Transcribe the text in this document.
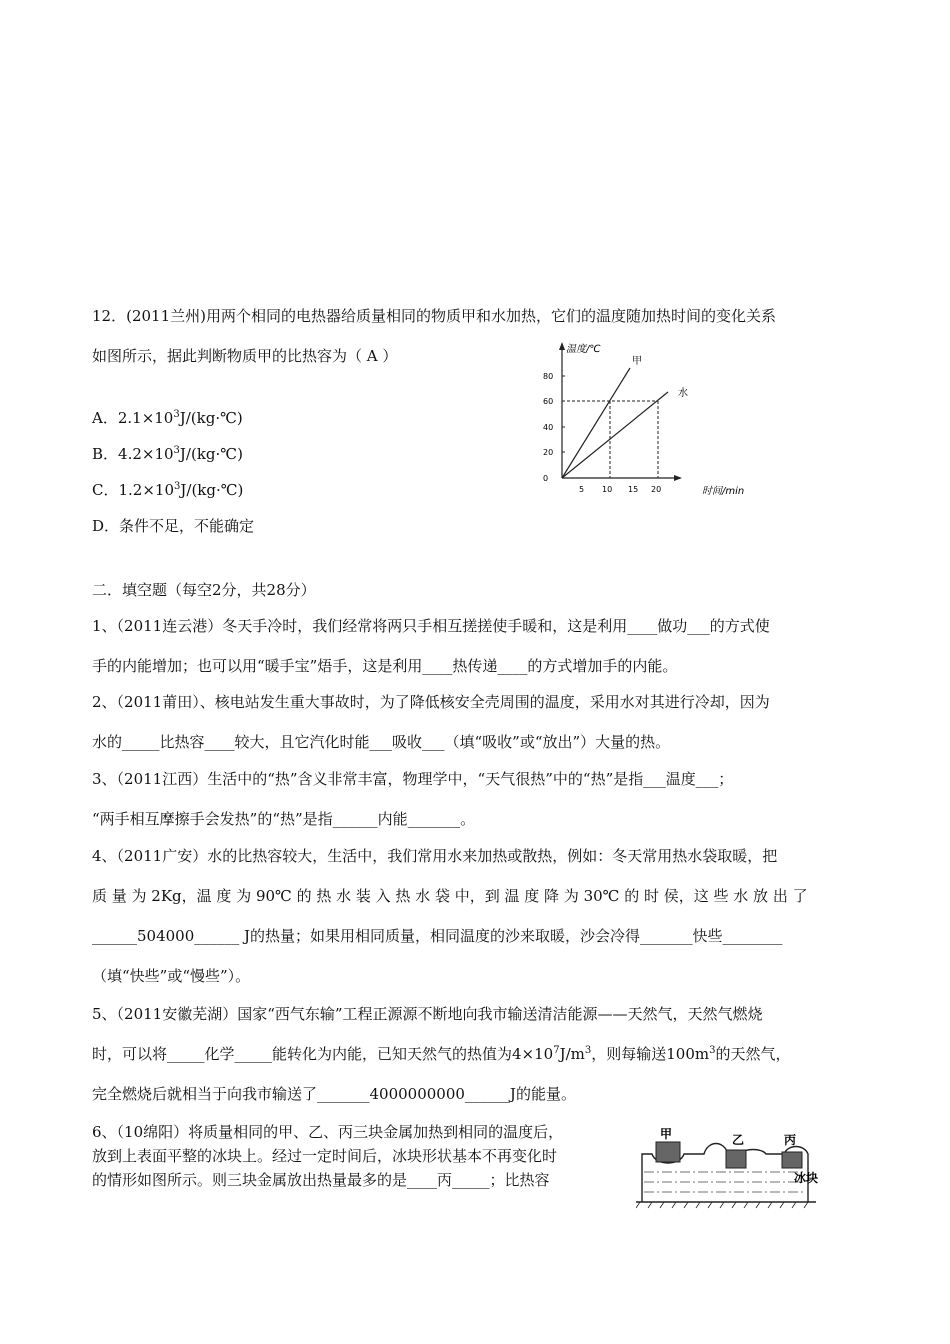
12．(2011兰州)用两个相同的电热器给质量相同的物质甲和水加热，它们的温度随加热时间的变化关系
如图所示，据此判断物质甲的比热容为（ A ）
A．$2.1\times 10^3J/(kg\cdot℃)$
B．$4.2\times 10^3J/(kg\cdot℃)$
C．$1.2\times 10^3J/(kg\cdot℃)$
D．条件不足，不能确定
80
60
40
20
0
5 10 15 20
温度/℃
时间/min
甲
水
二．填空题（每空2分，共28分）
1、（2011连云港）冬天手冷时，我们经常将两只手相互搓搓使手暖和，这是利用____做功___的方式使
手的内能增加；也可以用“暖手宝”焐手，这是利用____热传递____的方式增加手的内能。
2、（2011莆田）、核电站发生重大事故时，为了降低核安全壳周围的温度，采用水对其进行冷却，因为
水的_____比热容____较大，且它汽化时能___吸收___（填“吸收”或“放出”）大量的热。
3、（2011江西）生活中的“热”含义非常丰富，物理学中，“天气很热”中的“热”是指___温度___；
“两手相互摩擦手会发热”的“热”是指______内能_______。
4、（2011广安）水的比热容较大，生活中，我们常用水来加热或散热，例如：冬天常用热水袋取暖，把
质 量 为 2Kg，温 度 为 90℃ 的 热 水 装 入 热 水 袋 中，到 温 度 降 为 30℃ 的 时 侯，这 些 水 放 出 了
______504000______ J的热量；如果用相同质量，相同温度的沙来取暖，沙会冷得_______快些________
（填“快些”或“慢些”）。
5、（2011安徽芜湖）国家“西气东输”工程正源源不断地向我市输送清洁能源——天然气，天然气燃烧
时，可以将_____化学_____能转化为内能，已知天然气的热值为$4\times 10^7J/m^3$，则每输送$100m^3$的天然气，
完全燃烧后就相当于向我市输送了_______4000000000______J的能量。
6、（10绵阳）将质量相同的甲、乙、丙三块金属加热到相同的温度后，
放到上表面平整的冰块上。经过一定时间后，冰块形状基本不再变化时
的情形如图所示。则三块金属放出热量最多的是____丙_____；比热容
甲	乙	丙
冰块
